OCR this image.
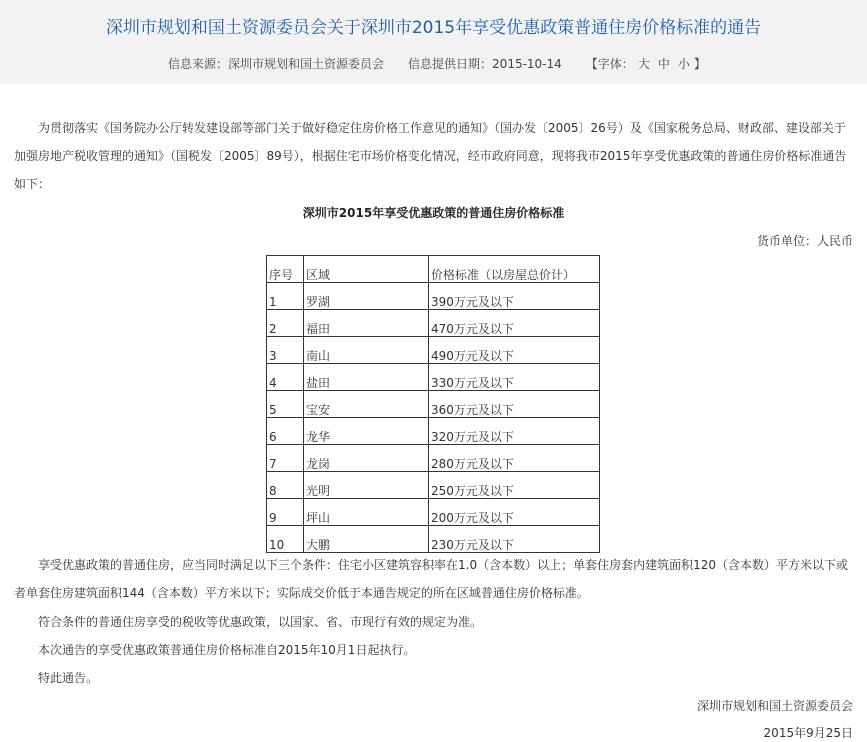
深圳市规划和国土资源委员会关于深圳市2015年享受优惠政策普通住房价格标准的通告
信息来源：深圳市规划和国土资源委员会 信息提供日期：2015-10-14 【字体： 大 中 小 】
为贯彻落实《国务院办公厅转发建设部等部门关于做好稳定住房价格工作意见的通知》（国办发〔2005〕26号）及《国家税务总局、财政部、建设部关于
加强房地产税收管理的通知》（国税发〔2005〕89号），根据住宅市场价格变化情况，经市政府同意，现将我市2015年享受优惠政策的普通住房价格标准通告
如下：
深圳市2015年享受优惠政策的普通住房价格标准
货币单位：人民币
序号	区域	价格标准（以房屋总价计）
1	罗湖	390万元及以下
2	福田	470万元及以下
3	南山	490万元及以下
4	盐田	330万元及以下
5	宝安	360万元及以下
6	龙华	320万元及以下
7	龙岗	280万元及以下
8	光明	250万元及以下
9	坪山	200万元及以下
10	大鹏	230万元及以下
享受优惠政策的普通住房，应当同时满足以下三个条件：住宅小区建筑容积率在1.0（含本数）以上；单套住房套内建筑面积120（含本数）平方米以下或
者单套住房建筑面积144（含本数）平方米以下；实际成交价低于本通告规定的所在区域普通住房价格标准。
符合条件的普通住房享受的税收等优惠政策，以国家、省、市现行有效的规定为准。
本次通告的享受优惠政策普通住房价格标准自2015年10月1日起执行。
特此通告。
深圳市规划和国土资源委员会
2015年9月25日
